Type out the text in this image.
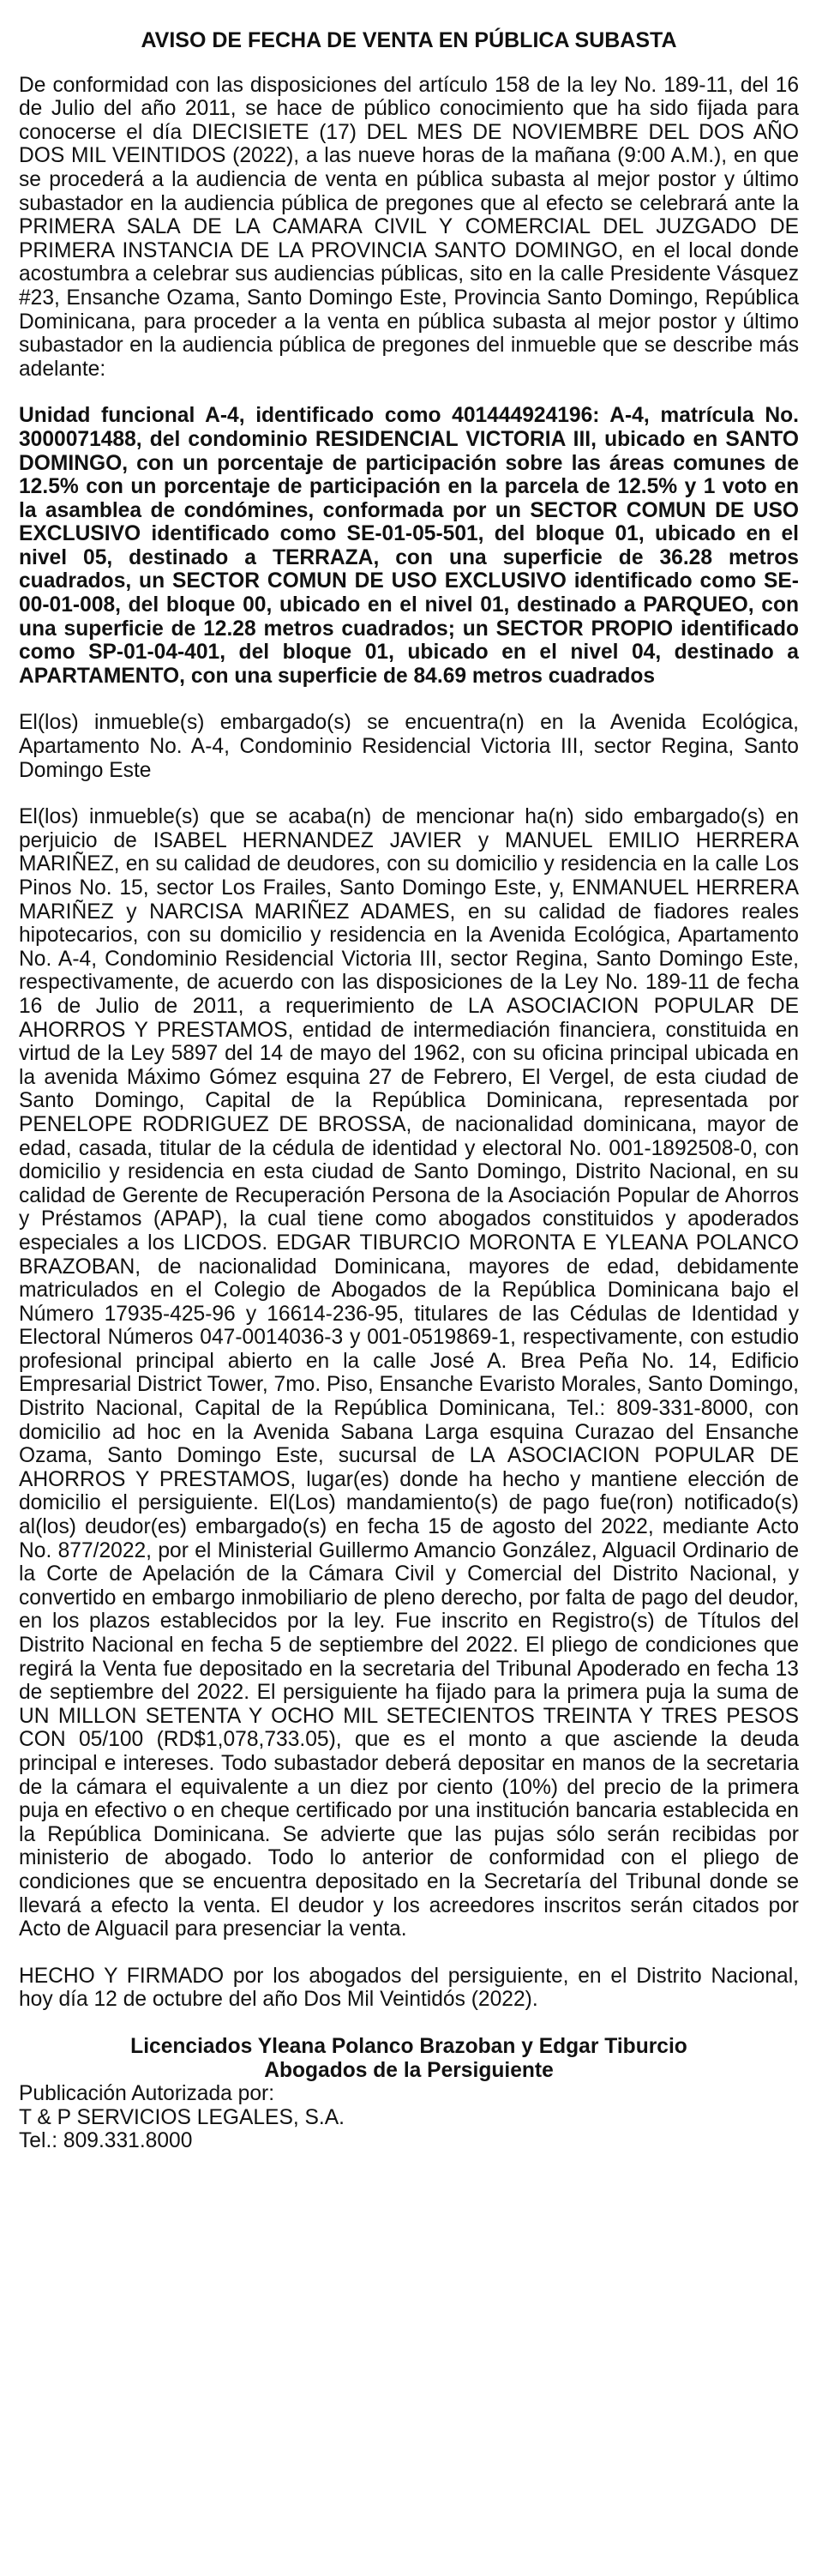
AVISO DE FECHA DE VENTA EN PÚBLICA SUBASTA

De conformidad con las disposiciones del artículo 158 de la ley No. 189-11, del 16 de Julio del año 2011, se hace de público conocimiento que ha sido fijada para conocerse el día DIECISIETE (17) DEL MES DE NOVIEMBRE DEL DOS AÑO DOS MIL VEINTIDOS (2022), a las nueve horas de la mañana (9:00 A.M.), en que se procederá a la audiencia de venta en pública subasta al mejor postor y último subastador en la audiencia pública de pregones que al efecto se celebrará ante la PRIMERA SALA DE LA CAMARA CIVIL Y COMERCIAL DEL JUZGADO DE PRIMERA INSTANCIA DE LA PROVINCIA SANTO DOMINGO, en el local donde acostumbra a celebrar sus audiencias públicas, sito en la calle Presidente Vásquez #23, Ensanche Ozama, Santo Domingo Este, Provincia Santo Domingo, República Dominicana, para proceder a la venta en pública subasta al mejor postor y último subastador en la audiencia pública de pregones del inmueble que se describe más adelante:

Unidad funcional A-4, identificado como 401444924196: A-4, matrícula No. 3000071488, del condominio RESIDENCIAL VICTORIA III, ubicado en SANTO DOMINGO, con un porcentaje de participación sobre las áreas comunes de 12.5% con un porcentaje de participación en la parcela de 12.5% y 1 voto en la asamblea de condómines, conformada por un SECTOR COMUN DE USO EXCLUSIVO identificado como SE-01-05-501, del bloque 01, ubicado en el nivel 05, destinado a TERRAZA, con una superficie de 36.28 metros cuadrados, un SECTOR COMUN DE USO EXCLUSIVO identificado como SE-00-01-008, del bloque 00, ubicado en el nivel 01, destinado a PARQUEO, con una superficie de 12.28 metros cuadrados; un SECTOR PROPIO identificado como SP-01-04-401, del bloque 01, ubicado en el nivel 04, destinado a APARTAMENTO, con una superficie de 84.69 metros cuadrados

El(los) inmueble(s) embargado(s) se encuentra(n) en la Avenida Ecológica, Apartamento No. A-4, Condominio Residencial Victoria III, sector Regina, Santo Domingo Este

El(los) inmueble(s) que se acaba(n) de mencionar ha(n) sido embargado(s) en perjuicio de ISABEL HERNANDEZ JAVIER y MANUEL EMILIO HERRERA MARIÑEZ, en su calidad de deudores, con su domicilio y residencia en la calle Los Pinos No. 15, sector Los Frailes, Santo Domingo Este, y, ENMANUEL HERRERA MARIÑEZ y NARCISA MARIÑEZ ADAMES, en su calidad de fiadores reales hipotecarios, con su domicilio y residencia en la Avenida Ecológica, Apartamento No. A-4, Condominio Residencial Victoria III, sector Regina, Santo Domingo Este, respectivamente, de acuerdo con las disposiciones de la Ley No. 189-11 de fecha 16 de Julio de 2011, a requerimiento de LA ASOCIACION POPULAR DE AHORROS Y PRESTAMOS, entidad de intermediación financiera, constituida en virtud de la Ley 5897 del 14 de mayo del 1962, con su oficina principal ubicada en la avenida Máximo Gómez esquina 27 de Febrero, El Vergel, de esta ciudad de Santo Domingo, Capital de la República Dominicana, representada por PENELOPE RODRIGUEZ DE BROSSA, de nacionalidad dominicana, mayor de edad, casada, titular de la cédula de identidad y electoral No. 001-1892508-0, con domicilio y residencia en esta ciudad de Santo Domingo, Distrito Nacional, en su calidad de Gerente de Recuperación Persona de la Asociación Popular de Ahorros y Préstamos (APAP), la cual tiene como abogados constituidos y apoderados especiales a los LICDOS. EDGAR TIBURCIO MORONTA E YLEANA POLANCO BRAZOBAN, de nacionalidad Dominicana, mayores de edad, debidamente matriculados en el Colegio de Abogados de la República Dominicana bajo el Número 17935-425-96 y 16614-236-95, titulares de las Cédulas de Identidad y Electoral Números 047-0014036-3 y 001-0519869-1, respectivamente, con estudio profesional principal abierto en la calle José A. Brea Peña No. 14, Edificio Empresarial District Tower, 7mo. Piso, Ensanche Evaristo Morales, Santo Domingo, Distrito Nacional, Capital de la República Dominicana, Tel.: 809-331-8000, con domicilio ad hoc en la Avenida Sabana Larga esquina Curazao del Ensanche Ozama, Santo Domingo Este, sucursal de LA ASOCIACION POPULAR DE AHORROS Y PRESTAMOS, lugar(es) donde ha hecho y mantiene elección de domicilio el persiguiente. El(Los) mandamiento(s) de pago fue(ron) notificado(s) al(los) deudor(es) embargado(s) en fecha 15 de agosto del 2022, mediante Acto No. 877/2022, por el Ministerial Guillermo Amancio González, Alguacil Ordinario de la Corte de Apelación de la Cámara Civil y Comercial del Distrito Nacional, y convertido en embargo inmobiliario de pleno derecho, por falta de pago del deudor, en los plazos establecidos por la ley. Fue inscrito en Registro(s) de Títulos del Distrito Nacional en fecha 5 de septiembre del 2022. El pliego de condiciones que regirá la Venta fue depositado en la secretaria del Tribunal Apoderado en fecha 13 de septiembre del 2022. El persiguiente ha fijado para la primera puja la suma de UN MILLON SETENTA Y OCHO MIL SETECIENTOS TREINTA Y TRES PESOS CON 05/100 (RD$1,078,733.05), que es el monto a que asciende la deuda principal e intereses. Todo subastador deberá depositar en manos de la secretaria de la cámara el equivalente a un diez por ciento (10%) del precio de la primera puja en efectivo o en cheque certificado por una institución bancaria establecida en la República Dominicana. Se advierte que las pujas sólo serán recibidas por ministerio de abogado. Todo lo anterior de conformidad con el pliego de condiciones que se encuentra depositado en la Secretaría del Tribunal donde se llevará a efecto la venta. El deudor y los acreedores inscritos serán citados por Acto de Alguacil para presenciar la venta.

HECHO Y FIRMADO por los abogados del persiguiente, en el Distrito Nacional, hoy día 12 de octubre del año Dos Mil Veintidós (2022).

Licenciados Yleana Polanco Brazoban y Edgar Tiburcio
Abogados de la Persiguiente
Publicación Autorizada por:
T & P SERVICIOS LEGALES, S.A.
Tel.: 809.331.8000
